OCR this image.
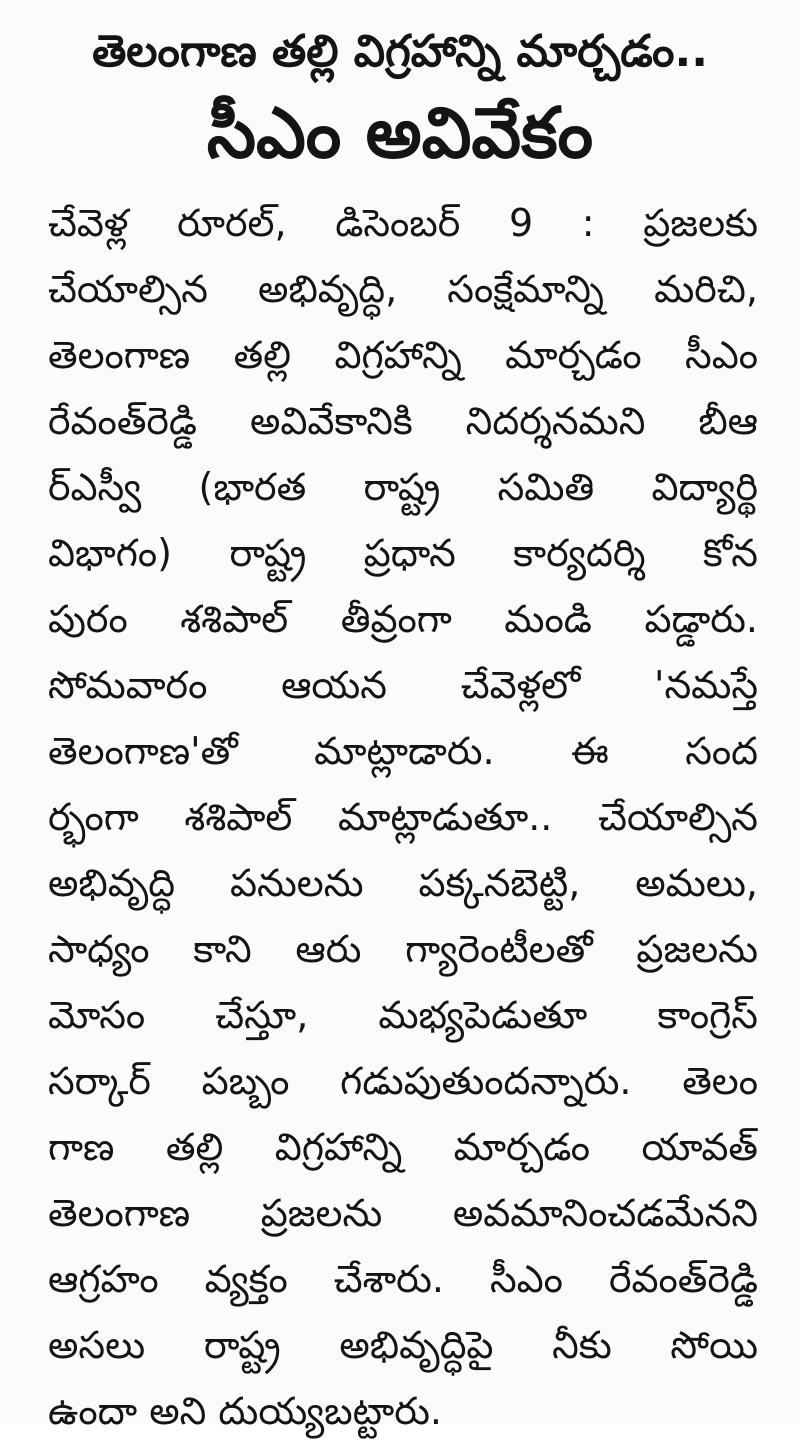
తెలంగాణ తల్లి విగ్రహాన్ని మార్చడం..
సీఎం అవివేకం
చేవెళ్ల రూరల్, డిసెంబర్ 9 : ప్రజలకు
చేయాల్సిన అభివృద్ధి, సంక్షేమాన్ని మరిచి,
తెలంగాణ తల్లి విగ్రహాన్ని మార్చడం సీఎం
రేవంత్‌రెడ్డి అవివేకానికి నిదర్శనమని బీఆ
ర్‌ఎస్వీ (భారత రాష్ట్ర సమితి విద్యార్థి
విభాగం) రాష్ట్ర ప్రధాన కార్యదర్శి కోన
పురం శశిపాల్ తీవ్రంగా మండి పడ్డారు.
సోమవారం ఆయన చేవెళ్లలో 'నమస్తే
తెలంగాణ'తో మాట్లాడారు. ఈ సంద
ర్భంగా శశిపాల్ మాట్లాడుతూ.. చేయాల్సిన
అభివృద్ధి పనులను పక్కనబెట్టి, అమలు,
సాధ్యం కాని ఆరు గ్యారెంటీలతో ప్రజలను
మోసం చేస్తూ, మభ్యపెడుతూ కాంగ్రెస్
సర్కార్ పబ్బం గడుపుతుందన్నారు. తెలం
గాణ తల్లి విగ్రహాన్ని మార్చడం యావత్
తెలంగాణ ప్రజలను అవమానించడమేనని
ఆగ్రహం వ్యక్తం చేశారు. సీఎం రేవంత్‌రెడ్డి
అసలు రాష్ట్ర అభివృద్ధిపై నీకు సోయి
ఉందా అని దుయ్యబట్టారు.
